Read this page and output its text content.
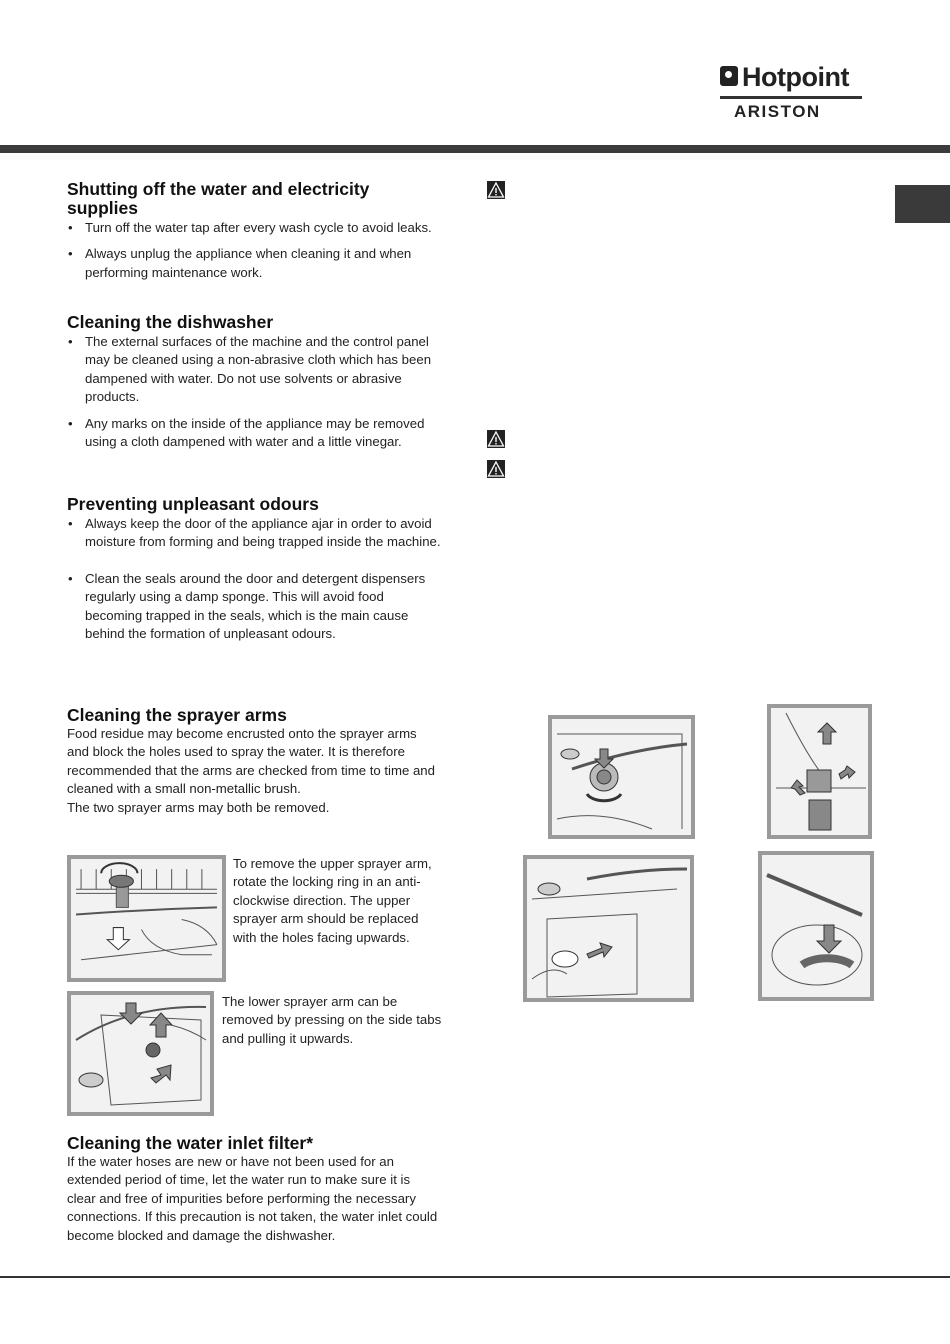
Hotpoint
ARISTON
Shutting off the water and electricity supplies
• Turn off the water tap after every wash cycle to avoid leaks.
• Always unplug the appliance when cleaning it and when performing maintenance work.
Cleaning the dishwasher
• The external surfaces of the machine and the control panel may be cleaned using a non-abrasive cloth which has been dampened with water. Do not use solvents or abrasive products.
• Any marks on the inside of the appliance may be removed using a cloth dampened with water and a little vinegar.
Preventing unpleasant odours
• Always keep the door of the appliance ajar in order to avoid moisture from forming and being trapped inside the machine.
• Clean the seals around the door and detergent dispensers regularly using a damp sponge. This will avoid food becoming trapped in the seals, which is the main cause behind the formation of unpleasant odours.
Cleaning the sprayer arms

Food residue may become encrusted onto the sprayer arms and block the holes used to spray the water. It is therefore recommended that the arms are checked from time to time and cleaned with a small non-metallic brush.

The two sprayer arms may both be removed.

To remove the upper sprayer arm, rotate the locking ring in an anti-clockwise direction. The upper sprayer arm should be replaced with the holes facing upwards.

The lower sprayer arm can be removed by pressing on the side tabs and pulling it upwards.

Cleaning the water inlet filter*

If the water hoses are new or have not been used for an extended period of time, let the water run to make sure it is clear and free of impurities before performing the necessary connections. If this precaution is not taken, the water inlet could become blocked and damage the dishwasher.
